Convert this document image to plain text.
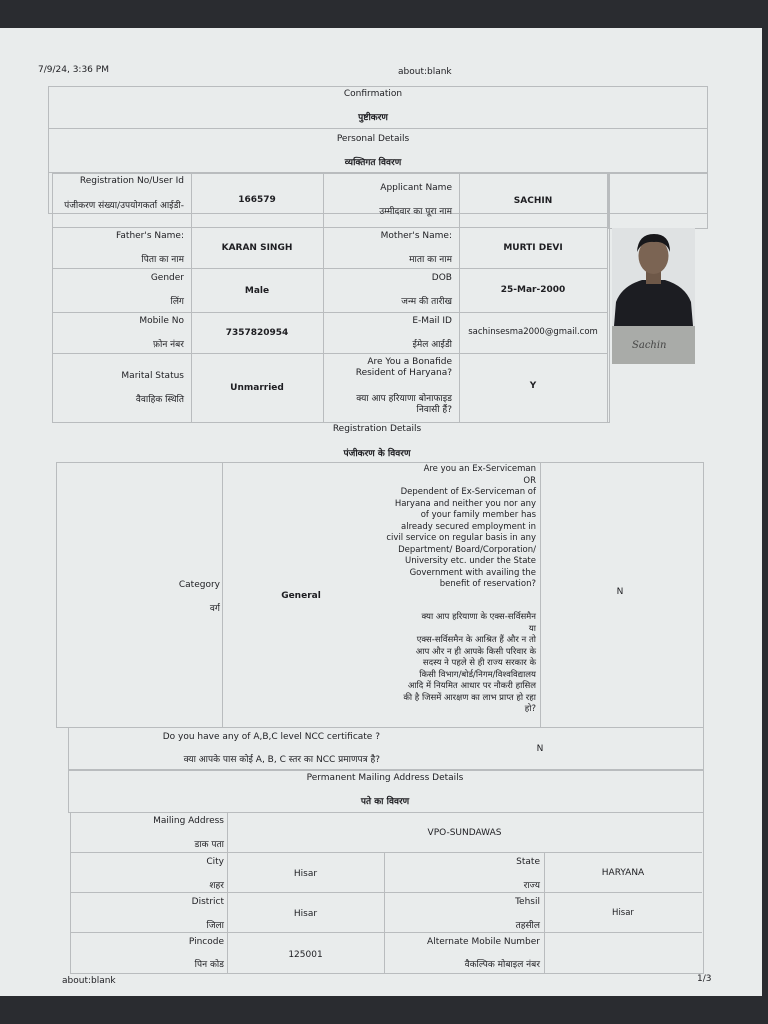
7/9/24, 3:36 PM	about:blank
about:blank	1/3
Confirmation
पुष्टीकरण
Personal Details
व्यक्तिगत विवरण
Registration No/User Id
पंजीकरण संख्या/उपयोगकर्ता आईडी-
166579
Applicant Name
उम्मीदवार का पूरा नाम
SACHIN
Father's Name:
पिता का नाम
KARAN SINGH
Mother's Name:
माता का नाम
MURTI DEVI
Gender
लिंग
Male
DOB
जन्म की तारीख
25-Mar-2000
Mobile No
फ़ोन नंबर
7357820954
E-Mail ID
ईमेल आईडी
sachinsesma2000@gmail.com
Marital Status
वैवाहिक स्थिति
Unmarried
Are You a Bonafide
Resident of Haryana?
क्या आप हरियाणा बोनाफाइड
निवासी हैं?
Y
Sachin
Registration Details
पंजीकरण के विवरण
Category
वर्ग
General
Are you an Ex-Serviceman
OR
Dependent of Ex-Serviceman of
Haryana and neither you nor any
of your family member has
already secured employment in
civil service on regular basis in any
Department/ Board/Corporation/
University etc. under the State
Government with availing the
benefit of reservation?
क्या आप हरियाणा के एक्स-सर्विसमैन
या
एक्स-सर्विसमैन के आश्रित हैं और न तो
आप और न ही आपके किसी परिवार के
सदस्य ने पहले से ही राज्य सरकार के
किसी विभाग/बोर्ड/निगम/विश्वविद्यालय
आदि में नियमित आधार पर नौकरी हासिल
की है जिसमें आरक्षण का लाभ प्राप्त हो रहा
हो?
N
Do you have any of A,B,C level NCC certificate ?
क्या आपके पास कोई A, B, C स्तर का NCC प्रमाणपत्र है?
N
Permanent Mailing Address Details
पते का विवरण
Mailing Address
डाक पता
VPO-SUNDAWAS
City
शहर
Hisar
State
राज्य
HARYANA
District
जिला
Hisar
Tehsil
तहसील
Hisar
Pincode
पिन कोड
125001
Alternate Mobile Number
वैकल्पिक मोबाइल नंबर
